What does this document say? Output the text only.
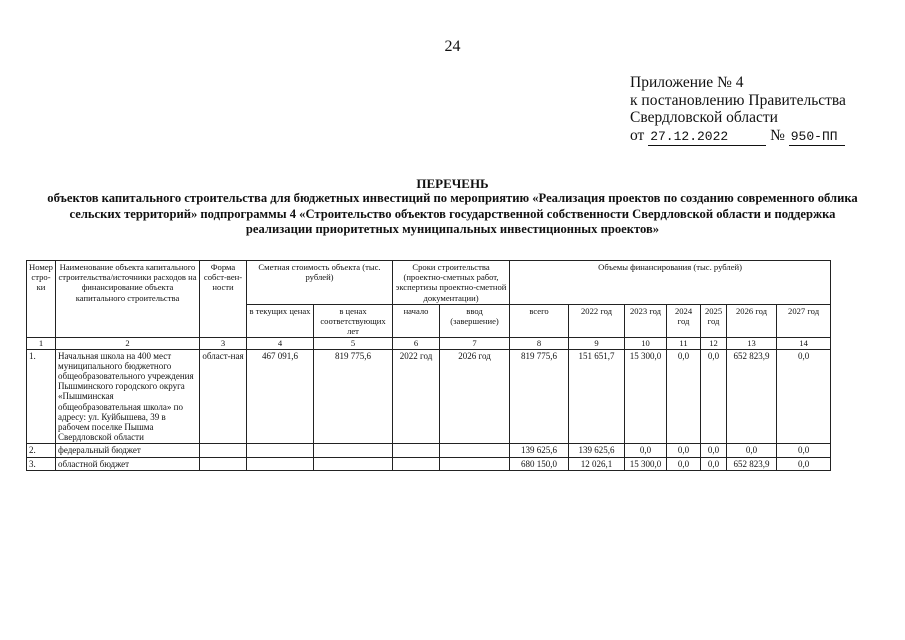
24
Приложение № 4
к постановлению Правительства
Свердловской области
от 27.12.2022	№ 950-ПП
ПЕРЕЧЕНЬ
объектов капитального строительства для бюджетных инвестиций по мероприятию «Реализация проектов по созданию современного облика сельских территорий» подпрограммы 4 «Строительство объектов государственной собственности Свердловской области и поддержка реализации приоритетных муниципальных инвестиционных проектов»
Номер стро-ки	Наименование объекта капитального строительства/источники расходов на финансирование объекта капитального строительства	Форма собст-вен-ности	Сметная стоимость объекта (тыс. рублей)		Сроки строительства (проектно-сметных работ, экспертизы проектно-сметной документации)		Объемы финансирования (тыс. рублей)						
			в текущих ценах	в ценах соответствующих лет	начало	ввод (завершение)	всего	2022 год	2023 год	2024 год	2025 год	2026 год	2027 год
1	2	3	4	5	6	7	8	9	10	11	12	13	14
1.	Начальная школа на 400 мест муниципального бюджетного общеобразовательного учреждения Пышминского городского округа «Пышминская общеобразовательная школа» по адресу: ул. Куйбышева, 39 в рабочем поселке Пышма Свердловской области	област-ная	467 091,6	819 775,6	2022 год	2026 год	819 775,6	151 651,7	15 300,0	0,0	0,0	652 823,9	0,0
2.	федеральный бюджет						139 625,6	139 625,6	0,0	0,0	0,0	0,0	0,0
3.	областной бюджет						680 150,0	12 026,1	15 300,0	0,0	0,0	652 823,9	0,0
